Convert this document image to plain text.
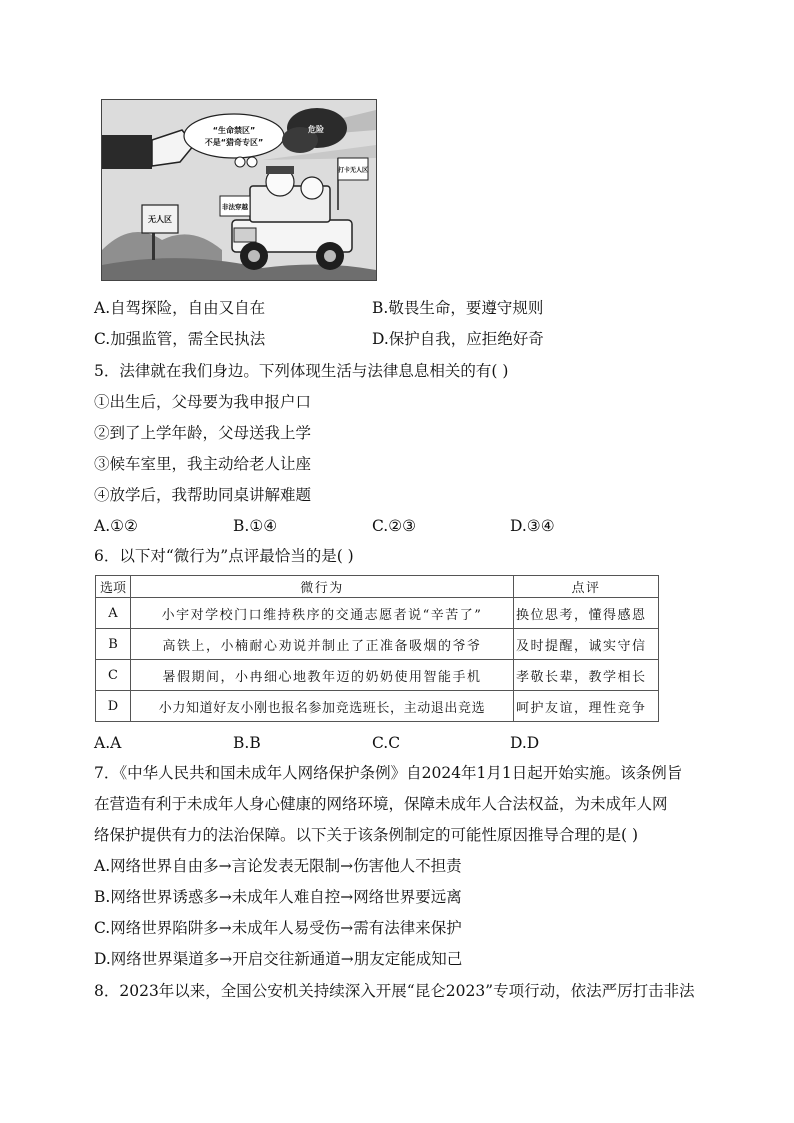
“生命禁区”
不是“猎奇专区”
危险
打卡无人区
无人区
非法穿越
A.自驾探险，自由又自在	B.敬畏生命，要遵守规则
C.加强监管，需全民执法	D.保护自我，应拒绝好奇
5．法律就在我们身边。下列体现生活与法律息息相关的有( )
①出生后，父母要为我申报户口
②到了上学年龄，父母送我上学
③候车室里，我主动给老人让座
④放学后，我帮助同桌讲解难题
A.①②	B.①④	C.②③	D.③④
6．以下对“微行为”点评最恰当的是( )
选项	微行为	点评
A	小宇对学校门口维持秩序的交通志愿者说“辛苦了”	换位思考，懂得感恩
B	高铁上，小楠耐心劝说并制止了正准备吸烟的爷爷	及时提醒，诚实守信
C	暑假期间，小冉细心地教年迈的奶奶使用智能手机	孝敬长辈，教学相长
D	小力知道好友小刚也报名参加竞选班长，主动退出竞选	呵护友谊，理性竞争
A.A	B.B	C.C	D.D
7．《中华人民共和国未成年人网络保护条例》自2024年1月1日起开始实施。该条例旨
在营造有利于未成年人身心健康的网络环境，保障未成年人合法权益，为未成年人网
络保护提供有力的法治保障。以下关于该条例制定的可能性原因推导合理的是( )
A.网络世界自由多→言论发表无限制→伤害他人不担责
B.网络世界诱惑多→未成年人难自控→网络世界要远离
C.网络世界陷阱多→未成年人易受伤→需有法律来保护
D.网络世界渠道多→开启交往新通道→朋友定能成知己
8．2023年以来，全国公安机关持续深入开展“昆仑2023”专项行动，依法严厉打击非法
